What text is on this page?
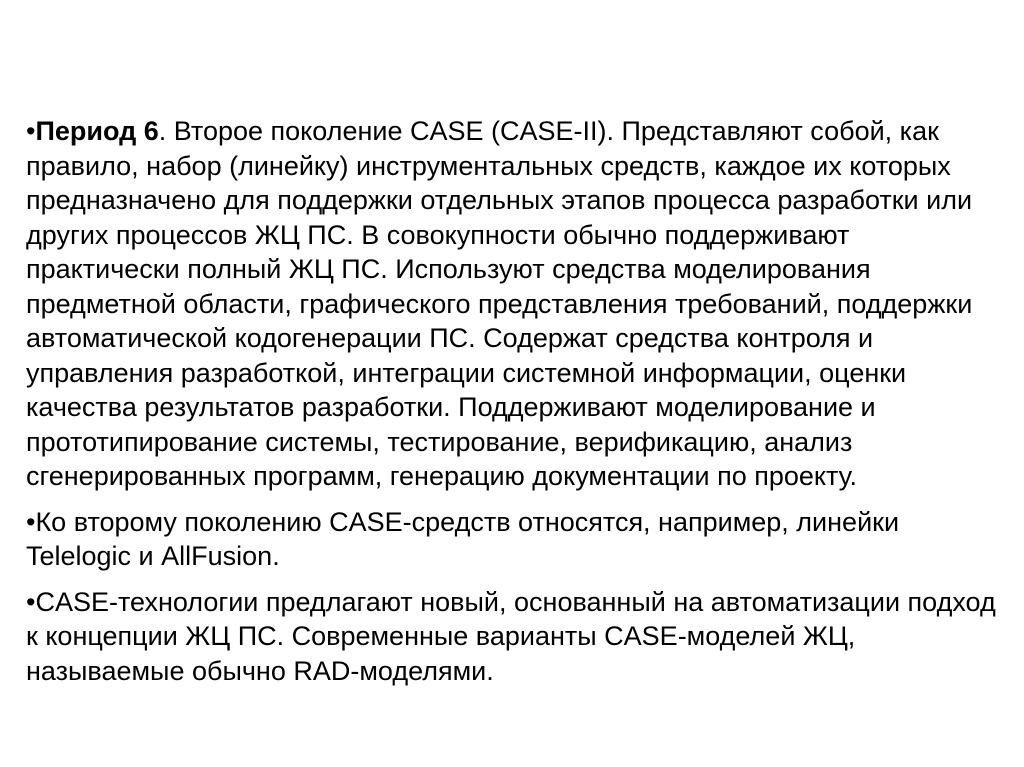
•Период 6. Второе поколение CASE (CASE-II). Представляют собой, как правило, набор (линейку) инструментальных средств, каждое их которых предназначено для поддержки отдельных этапов процесса разработки или других процессов ЖЦ ПС. В совокупности обычно поддерживают практически полный ЖЦ ПС. Используют средства моделирования предметной области, графического представления требований, поддержки автоматической кодогенерации ПС. Содержат средства контроля и управления разработкой, интеграции системной информации, оценки качества результатов разработки. Поддерживают моделирование и прототипирование системы, тестирование, верификацию, анализ сгенерированных программ, генерацию документации по проекту.

•Ко второму поколению CASE-средств относятся, например, линейки Telelogic и AllFusion.

•CASE-технологии предлагают новый, основанный на автоматизации подход к концепции ЖЦ ПС. Современные варианты CASE-моделей ЖЦ, называемые обычно RAD-моделями.
